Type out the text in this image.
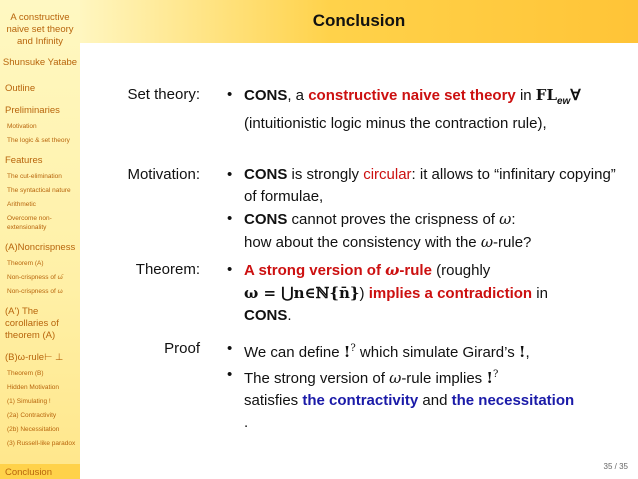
A constructive naive set theory and Infinity
Shunsuke Yatabe
Outline
Preliminaries
Motivation
The logic & set theory
Features
The cut-elimination
The syntactical nature
Arithmetic
Overcome non-extensionality
(A)Noncrispness
Theorem (A)
Non-crispness of ω̄
Non-crispness of ω
(A') The corollaries of theorem (A)
(B)ω-rule⊢ ⊥
Theorem (B)
Hidden Motivation
(1) Simulating !
(2a) Contractivity
(2b) Necessitation
(3) Russell-like paradox
Conclusion
Conclusion
Set theory: • CONS, a constructive naive set theory in $FL_{ew}\forall$ (intuitionistic logic minus the contraction rule),
Motivation: • CONS is strongly circular: it allows to “infinitary copying” of formulae,
• CONS cannot proves the crispness of ω:
how about the consistency with the ω-rule?
Theorem: • A strong version of ω-rule (roughly
ω = ⋃n∈ℕ{n̄}) implies a contradiction in
CONS.
Proof • We can define !? which simulate Girard’s !,
• The strong version of ω-rule implies !?
satisfies the contractivity and the necessitation
.
35 / 35
